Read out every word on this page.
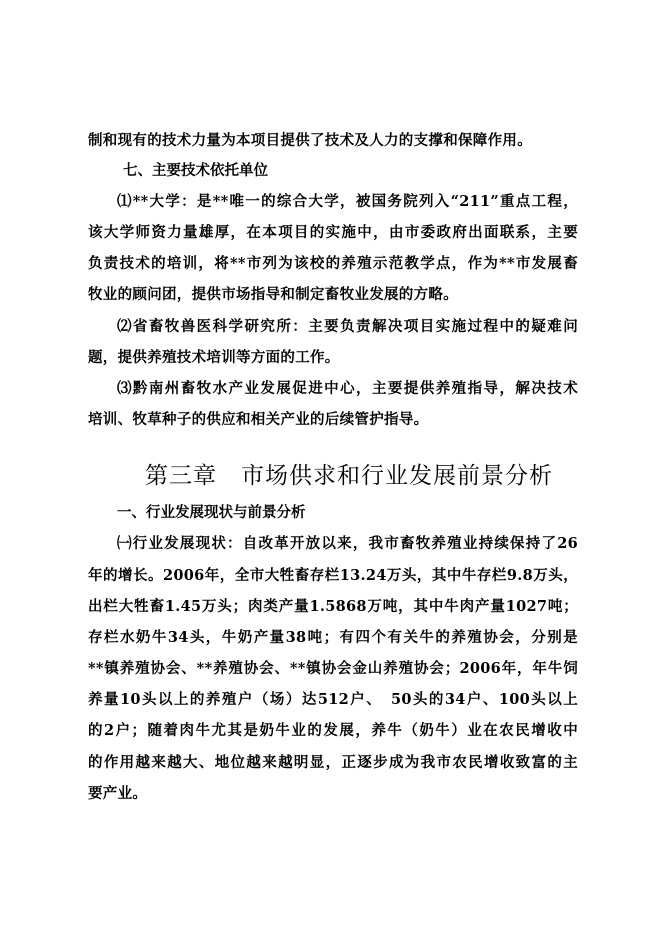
制和现有的技术力量为本项目提供了技术及人力的支撑和保障作用。
七、主要技术依托单位
⑴**大学：是**唯一的综合大学，被国务院列入“211”重点工程，
该大学师资力量雄厚，在本项目的实施中，由市委政府出面联系，主要
负责技术的培训，将**市列为该校的养殖示范教学点，作为**市发展畜
牧业的顾问团，提供市场指导和制定畜牧业发展的方略。
⑵省畜牧兽医科学研究所：主要负责解决项目实施过程中的疑难问
题，提供养殖技术培训等方面的工作。
⑶黔南州畜牧水产业发展促进中心，主要提供养殖指导，解决技术
培训、牧草种子的供应和相关产业的后续管护指导。
第三章　市场供求和行业发展前景分析
一、行业发展现状与前景分析
㈠行业发展现状：自改革开放以来，我市畜牧养殖业持续保持了26
年的增长。2006年，全市大牲畜存栏13.24万头，其中牛存栏9.8万头，
出栏大牲畜1.45万头；肉类产量1.5868万吨，其中牛肉产量1027吨；
存栏水奶牛34头，牛奶产量38吨；有四个有关牛的养殖协会，分别是
**镇养殖协会、**养殖协会、**镇协会金山养殖协会；2006年，年牛饲
养量10头以上的养殖户（场）达512户、　50头的34户、100头以上
的2户；随着肉牛尤其是奶牛业的发展，养牛（奶牛）业在农民增收中
的作用越来越大、地位越来越明显，正逐步成为我市农民增收致富的主
要产业。
